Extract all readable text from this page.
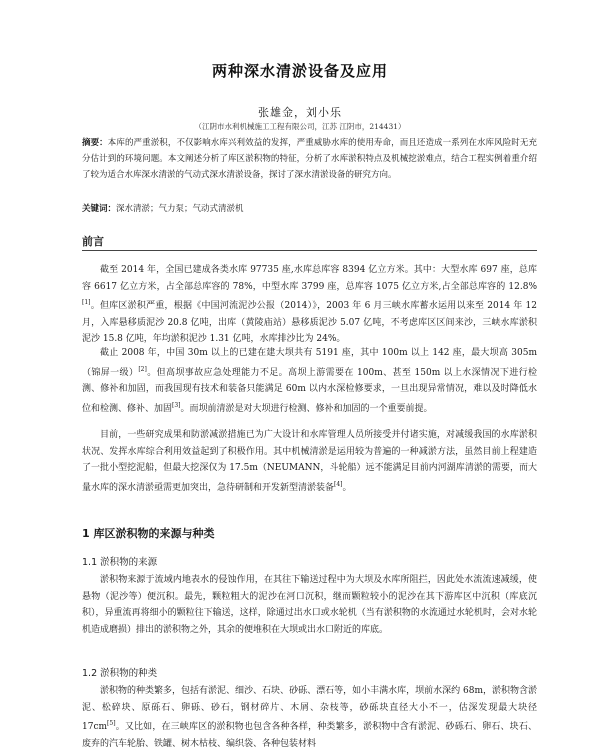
两种深水清淤设备及应用
张雄金，刘小乐
（江阴市水利机械施工工程有限公司，江苏 江阴市，214431）
摘要：本库的严重淤积，不仅影响水库兴利效益的发挥，严重威胁水库的使用寿命，而且还造成一系列在水库风险时无充分估计到的环境问题。本文阐述分析了库区淤积物的特征，分析了水库淤积特点及机械挖淤难点，结合工程实例着重介绍了较为适合水库深水清淤的气动式深水清淤设备，探讨了深水清淤设备的研究方向。
关键词：深水清淤；气力泵；气动式清淤机
前言

截至 2014 年，全国已建成各类水库 97735 座,水库总库容 8394 亿立方米。其中：大型水库 697 座，总库容 6617 亿立方米，占全部总库容的 78%，中型水库 3799 座，总库容 1075 亿立方米,占全部总库容的 12.8%[1]。但库区淤积严重，根据《中国河流泥沙公报（2014）》，2003 年 6 月三峡水库蓄水运用以来至 2014 年 12 月，入库悬移质泥沙 20.8 亿吨，出库（黄陵庙站）悬移质泥沙 5.07 亿吨，不考虑库区区间来沙，三峡水库淤积泥沙 15.8 亿吨，年均淤积泥沙 1.31 亿吨，水库排沙比为 24%。

截止 2008 年，中国 30m 以上的已建在建大坝共有 5191 座，其中 100m 以上 142 座，最大坝高 305m（锦屏一级）[2]。但高坝事故应急处理能力不足。高坝上游需要在 100m、甚至 150m 以上水深情况下进行检测、修补和加固，而我国现有技术和装备只能满足 60m 以内水深检修要求，一旦出现异常情况，难以及时降低水位和检测、修补、加固[3]。而坝前清淤是对大坝进行检测、修补和加固的一个重要前提。

目前，一些研究成果和防淤减淤措施已为广大设计和水库管理人员所接受并付诸实施，对减缓我国的水库淤积状况、发挥水库综合利用效益起到了积极作用。其中机械清淤是运用较为普遍的一种减淤方法，虽然目前上程建造了一批小型挖泥船，但最大挖深仅为 17.5m（NEUMANN，斗轮船）远不能满足目前内河湖库清淤的需要，而大量水库的深水清淤亟需更加突出，急待研制和开发新型清淤装备[4]。

1 库区淤积物的来源与种类
1.1 淤积物的来源

淤积物来源于流域内地表水的侵蚀作用，在其往下输送过程中为大坝及水库所阻拦，因此处水流流速减缓，使悬物（泥沙等）便沉积。最先，颗粒粗大的泥沙在河口沉积，继而颗粒较小的泥沙在其下游库区中沉积（库底沉积），异重流再将细小的颗粒往下输送，这样，除通过出水口或水轮机（当有淤积物的水流通过水轮机时，会对水轮机造成磨损）排出的淤积物之外，其余的便堆积在大坝或出水口附近的库底。

1.2 淤积物的种类

淤积物的种类繁多，包括有淤泥、细沙、石块、砂砾、漂石等，如小丰满水库，坝前水深约 68m，淤积物含淤泥、松碎块、原砾石、卵砾、砂石，钢材碎片、木屑、杂枝等，砂砾块直径大小不一，估深发现最大块径 17cm[5]。又比如，在三峡库区的淤积物也包含各种各样，种类繁多，淤积物中含有淤泥、砂砾石、卵石、块石、废弃的汽车轮胎、铁罐、树木枯枝、编织袋、各种包装材料
